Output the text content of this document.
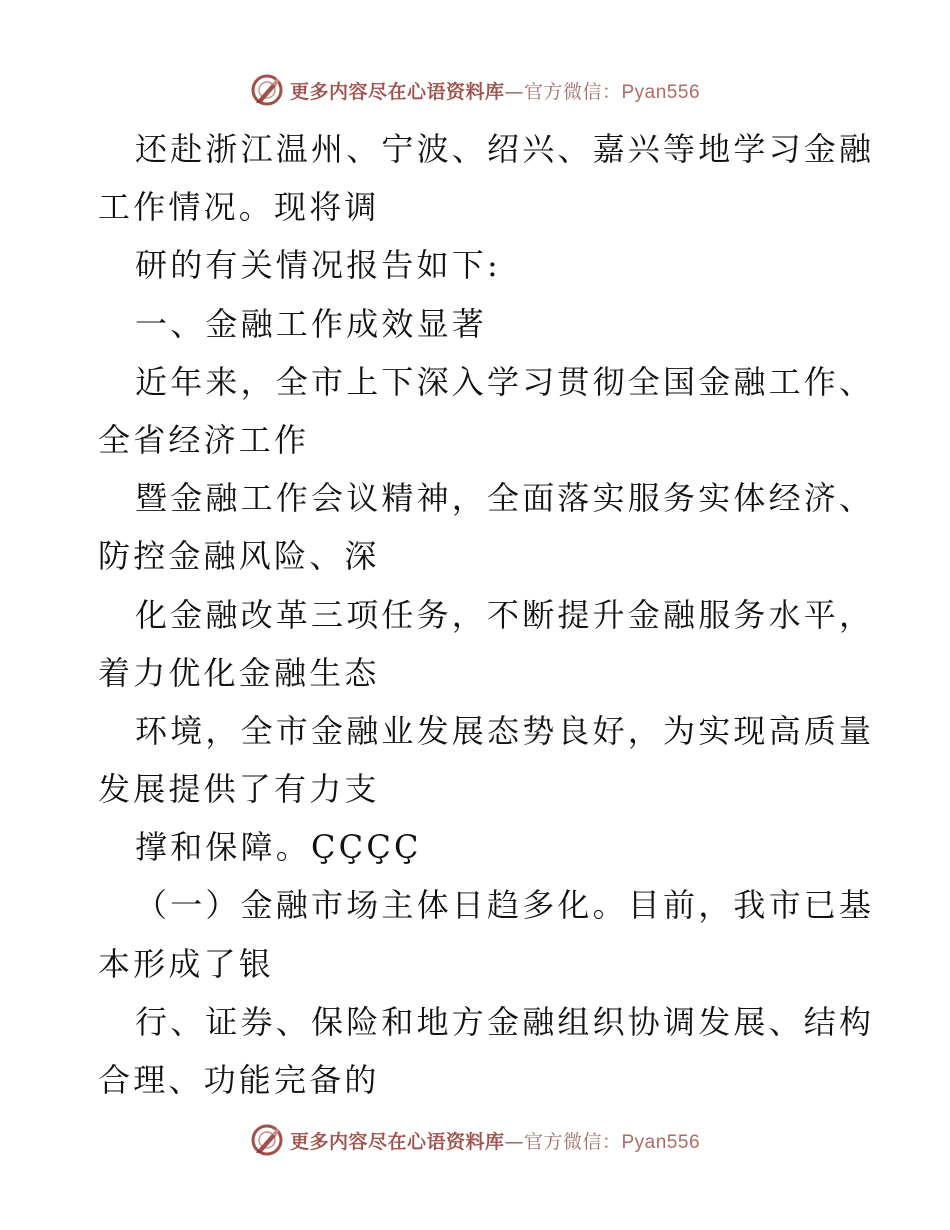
更多内容尽在心语资料库—官方微信：Pyan556
还赴浙江温州、宁波、绍兴、嘉兴等地学习金融
工作情况。现将调
研的有关情况报告如下:
一、金融工作成效显著
近年来，全市上下深入学习贯彻全国金融工作、
全省经济工作
暨金融工作会议精神，全面落实服务实体经济、
防控金融风险、深
化金融改革三项任务，不断提升金融服务水平，
着力优化金融生态
环境，全市金融业发展态势良好，为实现高质量
发展提供了有力支
撑和保障。ÇÇÇÇ
（一）金融市场主体日趋多化。目前，我市已基
本形成了银
行、证券、保险和地方金融组织协调发展、结构
合理、功能完备的
更多内容尽在心语资料库—官方微信：Pyan556
